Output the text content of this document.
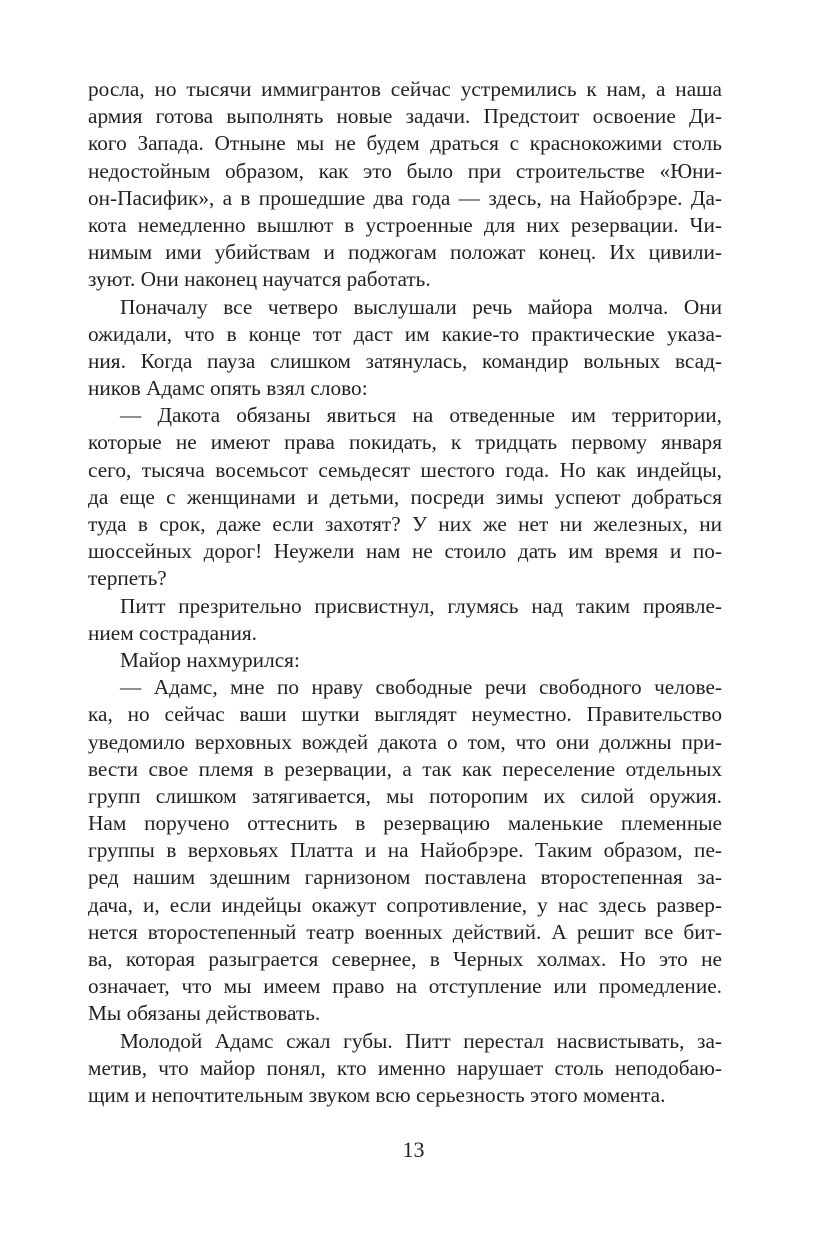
росла, но тысячи иммигрантов сейчас устремились к нам, а наша
армия готова выполнять новые задачи. Предстоит освоение Ди-
кого Запада. Отныне мы не будем драться с краснокожими столь
недостойным образом, как это было при строительстве «Юни-
он-Пасифик», а в прошедшие два года — здесь, на Найобрэре. Да-
кота немедленно вышлют в устроенные для них резервации. Чи-
нимым ими убийствам и поджогам положат конец. Их цивили-
зуют. Они наконец научатся работать.
Поначалу все четверо выслушали речь майора молча. Они
ожидали, что в конце тот даст им какие-то практические указа-
ния. Когда пауза слишком затянулась, командир вольных всад-
ников Адамс опять взял слово:
— Дакота обязаны явиться на отведенные им территории,
которые не имеют права покидать, к тридцать первому января
сего, тысяча восемьсот семьдесят шестого года. Но как индейцы,
да еще с женщинами и детьми, посреди зимы успеют добраться
туда в срок, даже если захотят? У них же нет ни железных, ни
шоссейных дорог! Неужели нам не стоило дать им время и по-
терпеть?
Питт презрительно присвистнул, глумясь над таким проявле-
нием сострадания.
Майор нахмурился:
— Адамс, мне по нраву свободные речи свободного челове-
ка, но сейчас ваши шутки выглядят неуместно. Правительство
уведомило верховных вождей дакота о том, что они должны при-
вести свое племя в резервации, а так как переселение отдельных
групп слишком затягивается, мы поторопим их силой оружия.
Нам поручено оттеснить в резервацию маленькие племенные
группы в верховьях Платта и на Найобрэре. Таким образом, пе-
ред нашим здешним гарнизоном поставлена второстепенная за-
дача, и, если индейцы окажут сопротивление, у нас здесь развер-
нется второстепенный театр военных действий. А решит все бит-
ва, которая разыграется севернее, в Черных холмах. Но это не
означает, что мы имеем право на отступление или промедление.
Мы обязаны действовать.
Молодой Адамс сжал губы. Питт перестал насвистывать, за-
метив, что майор понял, кто именно нарушает столь неподобаю-
щим и непочтительным звуком всю серьезность этого момента.
13
